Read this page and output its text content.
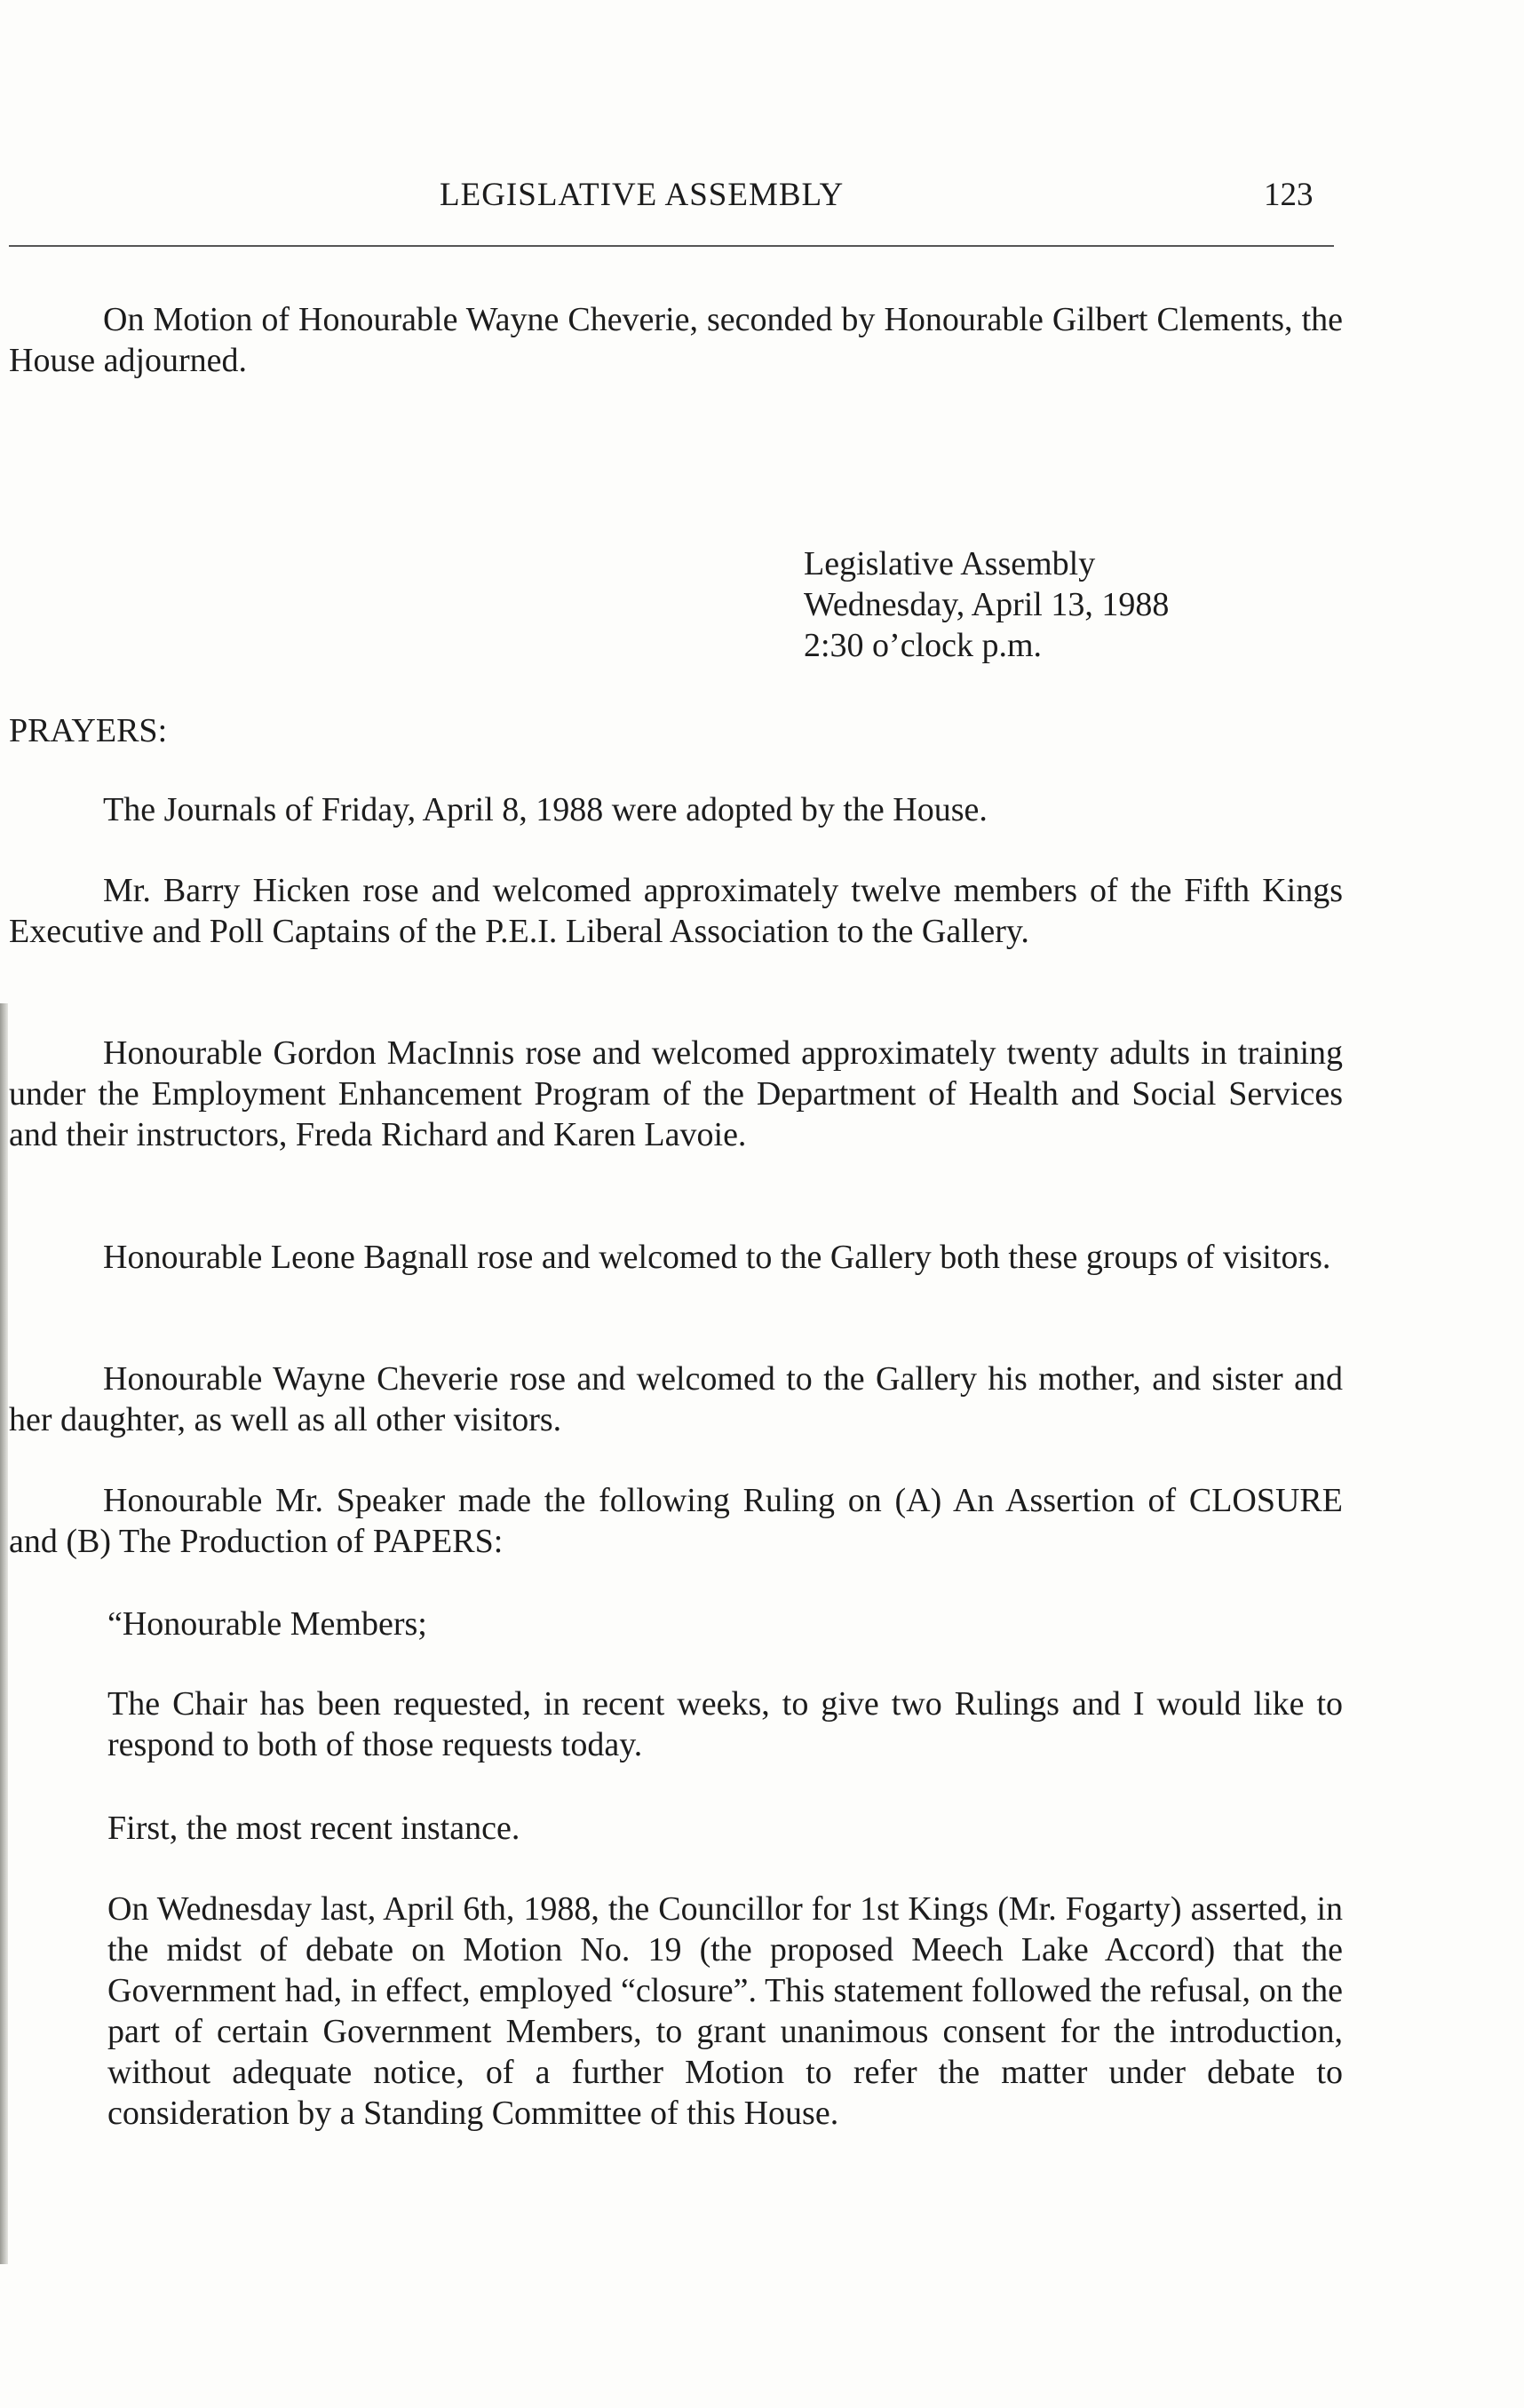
LEGISLATIVE ASSEMBLY	123

On Motion of Honourable Wayne Cheverie, seconded by Honourable Gilbert Clements, the House adjourned.

Legislative Assembly
Wednesday, April 13, 1988
2:30 o’clock p.m.
PRAYERS:

The Journals of Friday, April 8, 1988 were adopted by the House.

Mr. Barry Hicken rose and welcomed approximately twelve members of the Fifth Kings Executive and Poll Captains of the P.E.I. Liberal Association to the Gallery.

Honourable Gordon MacInnis rose and welcomed approximately twenty adults in training under the Employment Enhancement Program of the Department of Health and Social Services and their instructors, Freda Richard and Karen Lavoie.

Honourable Leone Bagnall rose and welcomed to the Gallery both these groups of visitors.

Honourable Wayne Cheverie rose and welcomed to the Gallery his mother, and sister and her daughter, as well as all other visitors.

Honourable Mr. Speaker made the following Ruling on (A) An Assertion of CLOSURE and (B) The Production of PAPERS:

“Honourable Members;

The Chair has been requested, in recent weeks, to give two Rulings and I would like to respond to both of those requests today.

First, the most recent instance.

On Wednesday last, April 6th, 1988, the Councillor for 1st Kings (Mr. Fogarty) asserted, in the midst of debate on Motion No. 19 (the proposed Meech Lake Accord) that the Government had, in effect, employed “closure”. This statement followed the refusal, on the part of certain Government Members, to grant unanimous consent for the introduction, without adequate notice, of a further Motion to refer the matter under debate to consideration by a Standing Committee of this House.
